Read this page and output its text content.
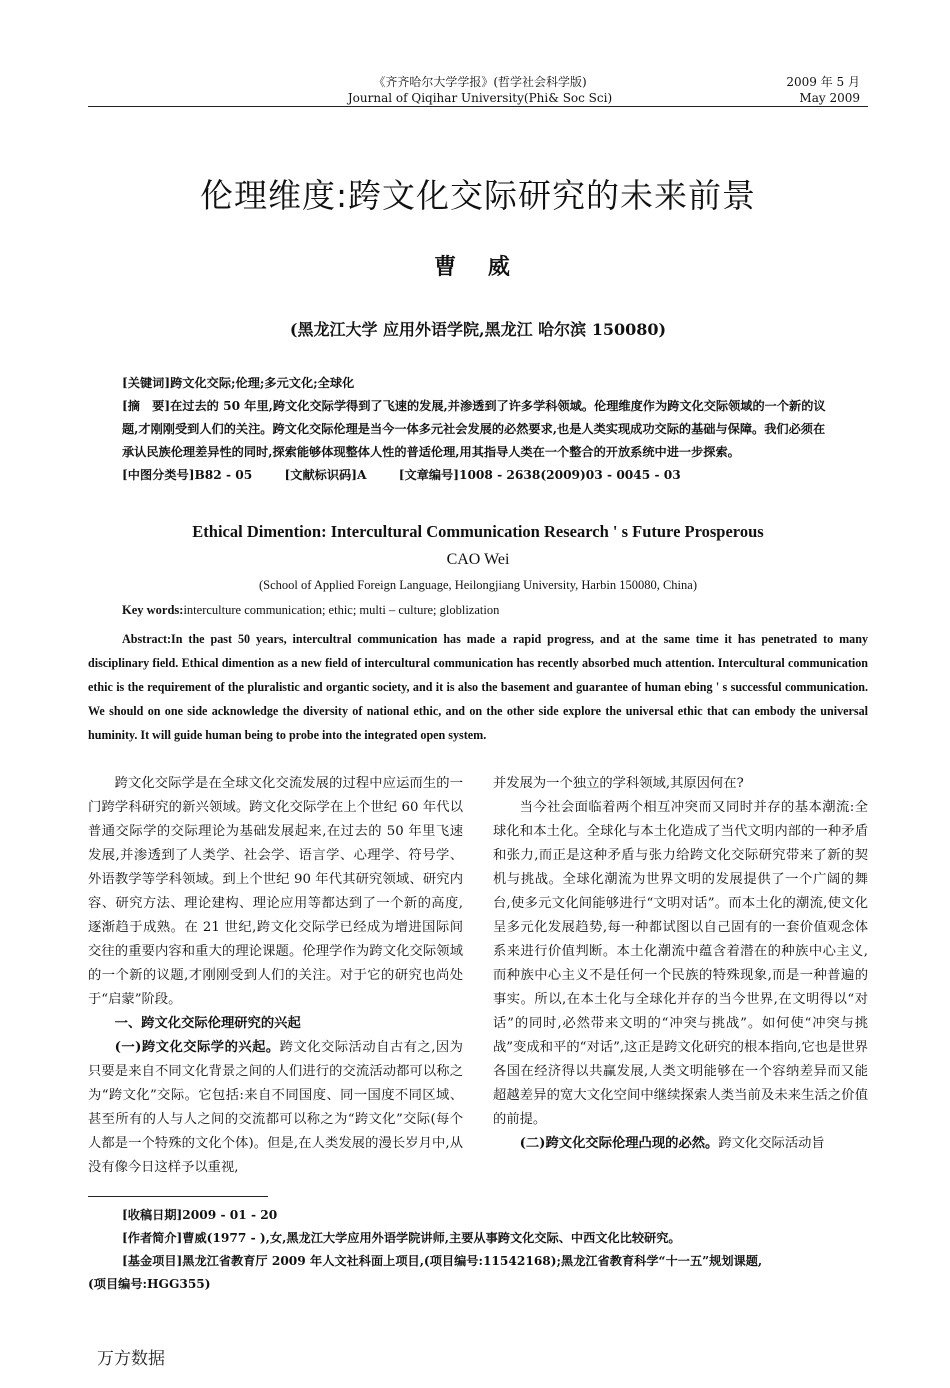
《齐齐哈尔大学学报》(哲学社会科学版)
Journal of Qiqihar University(Phi& Soc Sci)
2009 年 5 月
May 2009
伦理维度:跨文化交际研究的未来前景
曹 威
(黑龙江大学 应用外语学院,黑龙江 哈尔滨 150080)

[关键词]跨文化交际;伦理;多元文化;全球化

[摘　要]在过去的 50 年里,跨文化交际学得到了飞速的发展,并渗透到了许多学科领域。伦理维度作为跨文化交际领域的一个新的议题,才刚刚受到人们的关注。跨文化交际伦理是当今一体多元社会发展的必然要求,也是人类实现成功交际的基础与保障。我们必须在承认民族伦理差异性的同时,探索能够体现整体人性的普适伦理,用其指导人类在一个整合的开放系统中进一步探索。

[中图分类号]B82 - 05	[文献标识码]A	[文章编号]1008 - 2638(2009)03 - 0045 - 03

Ethical Dimention: Intercultural Communication Research ' s Future Prosperous
CAO Wei
(School of Applied Foreign Language, Heilongjiang University, Harbin 150080, China)
Key words:interculture communication; ethic; multi – culture; globlization
Abstract:In the past 50 years, intercultral communication has made a rapid progress, and at the same time it has penetrated to many disciplinary field. Ethical dimention as a new field of intercultural communication has recently absorbed much attention. Intercultural communication ethic is the requirement of the pluralistic and organtic society, and it is also the basement and guarantee of human ebing ' s successful communication. We should on one side acknowledge the diversity of national ethic, and on the other side explore the universal ethic that can embody the universal huminity. It will guide human being to probe into the integrated open system.

跨文化交际学是在全球文化交流发展的过程中应运而生的一门跨学科研究的新兴领域。跨文化交际学在上个世纪 60 年代以普通交际学的交际理论为基础发展起来,在过去的 50 年里飞速发展,并渗透到了人类学、社会学、语言学、心理学、符号学、外语教学等学科领域。到上个世纪 90 年代其研究领域、研究内容、研究方法、理论建构、理论应用等都达到了一个新的高度,逐渐趋于成熟。在 21 世纪,跨文化交际学已经成为增进国际间交往的重要内容和重大的理论课题。伦理学作为跨文化交际领域的一个新的议题,才刚刚受到人们的关注。对于它的研究也尚处于“启蒙”阶段。

一、跨文化交际伦理研究的兴起

(一)跨文化交际学的兴起。跨文化交际活动自古有之,因为只要是来自不同文化背景之间的人们进行的交流活动都可以称之为“跨文化”交际。它包括:来自不同国度、同一国度不同区域、甚至所有的人与人之间的交流都可以称之为“跨文化”交际(每个人都是一个特殊的文化个体)。但是,在人类发展的漫长岁月中,从没有像今日这样予以重视,

并发展为一个独立的学科领域,其原因何在?

当今社会面临着两个相互冲突而又同时并存的基本潮流:全球化和本土化。全球化与本土化造成了当代文明内部的一种矛盾和张力,而正是这种矛盾与张力给跨文化交际研究带来了新的契机与挑战。全球化潮流为世界文明的发展提供了一个广阔的舞台,使多元文化间能够进行“文明对话”。而本土化的潮流,使文化呈多元化发展趋势,每一种都试图以自己固有的一套价值观念体系来进行价值判断。本土化潮流中蕴含着潜在的种族中心主义,而种族中心主义不是任何一个民族的特殊现象,而是一种普遍的事实。所以,在本土化与全球化并存的当今世界,在文明得以“对话”的同时,必然带来文明的“冲突与挑战”。如何使“冲突与挑战”变成和平的“对话”,这正是跨文化研究的根本指向,它也是世界各国在经济得以共赢发展,人类文明能够在一个容纳差异而又能超越差异的宽大文化空间中继续探索人类当前及未来生活之价值的前提。

(二)跨文化交际伦理凸现的必然。跨文化交际活动旨

[收稿日期]2009 - 01 - 20

[作者简介]曹威(1977 - ),女,黑龙江大学应用外语学院讲师,主要从事跨文化交际、中西文化比较研究。

[基金项目]黑龙江省教育厅 2009 年人文社科面上项目,(项目编号:11542168);黑龙江省教育科学“十一五”规划课题,

(项目编号:HGG355)

万方数据
